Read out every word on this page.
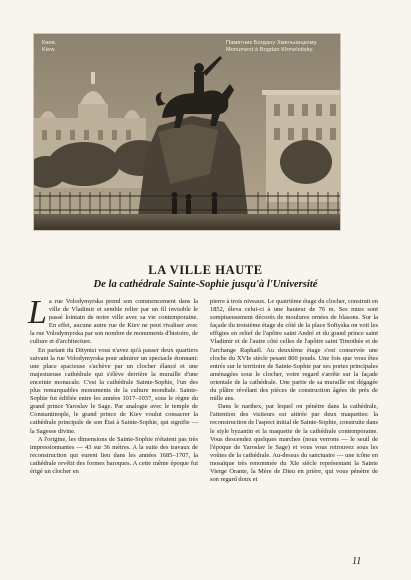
Киев.
Kiew.
Памятник Богдану Хмельницкому.
Monument à Bogdan Khmelnitsky.
LA VILLE HAUTE
De la cathédrale Sainte-Sophie jusqu'à l'Université

La rue Volodymyrska prend son commencement dans la ville de Vladimir et semble relier par un fil invisible le passé lointain de notre ville avec sa vie contemporaine. En effet, aucune autre rue de Kiev ne peut rivaliser avec la rue Volodymyrska par son nombre de monuments d'histoire, de culture et d'architecture.

En partant du Dityntsi vous n'avez qu'à passer deux quartiers suivant la rue Volodymyrska pour admirer un spectacle étonnant: une place spacieuse s'achève par un clocher élancé et une majestueuse cathédrale qui s'élève derrière la muraille d'une enceinte monacale. C'est la cathédrale Sainte-Sophie, l'un des plus remarquables monuments de la culture mondiale. Sainte-Sophie fut édifiée entre les années 1017–1037, sous le règne du grand prince Yaroslav le Sage. Par analogie avec le temple de Constantinople, le grand prince de Kiev voulut consacrer la cathédrale principale de son État à Sainte-Sophie, qui signifie — la Sagesse divine.

A l'origine, les dimensions de Sainte-Sophie n'étaient pas très impressionnantes — 43 sur 36 mètres. A la suite des travaux de reconstruction qui eurent lieu dans les années 1685–1707, la cathédrale revêtit des formes baroques. A cette même époque fut érigé un clocher en

pierre à trois niveaux. Le quatrième étage du clocher, construit en 1852, éleva celui-ci à une hauteur de 76 m. Ses murs sont somptueusement décorés de moulures ornées de blasons. Sur la façade du troisième étage du côté de la place Sofiyska on voit les effigies en relief de l'apôtre saint André et du grand prince saint Vladimir et de l'autre côté celles de l'apôtre saint Timothée et de l'archange Raphaël. Au deuxième étage s'est conservée une cloche du XVIe siècle pesant 800 pouds. Une fois que vous êtes entrés sur le territoire de Sainte-Sophie par ses portes principales aménagées sous le clocher, votre regard s'arrête sur la façade orientale de la cathédrale. Une partie de sa muraille est dégagée du plâtre révélant des pièces de construction âgées de près de mille ans.

Dans le narthex, par lequel on pénètre dans la cathédrale, l'attention des visiteurs est attirée par deux maquettes: la reconstruction de l'aspect initial de Sainte-Sophie, construite dans le style byzantin et la maquette de la cathédrale contemporaine. Vous descendez quelques marches (nous verrons — le seuil de l'époque de Yaroslav le Sage) et vous vous retrouvez sous les voûtes de la cathédrale. Au-dessus du sanctuaire — une icône en mosaïque très renommée du XIe siècle représentant la Sainte Vierge Orante, la Mère de Dieu en prière, qui vous pénètre de son regard doux et

11
